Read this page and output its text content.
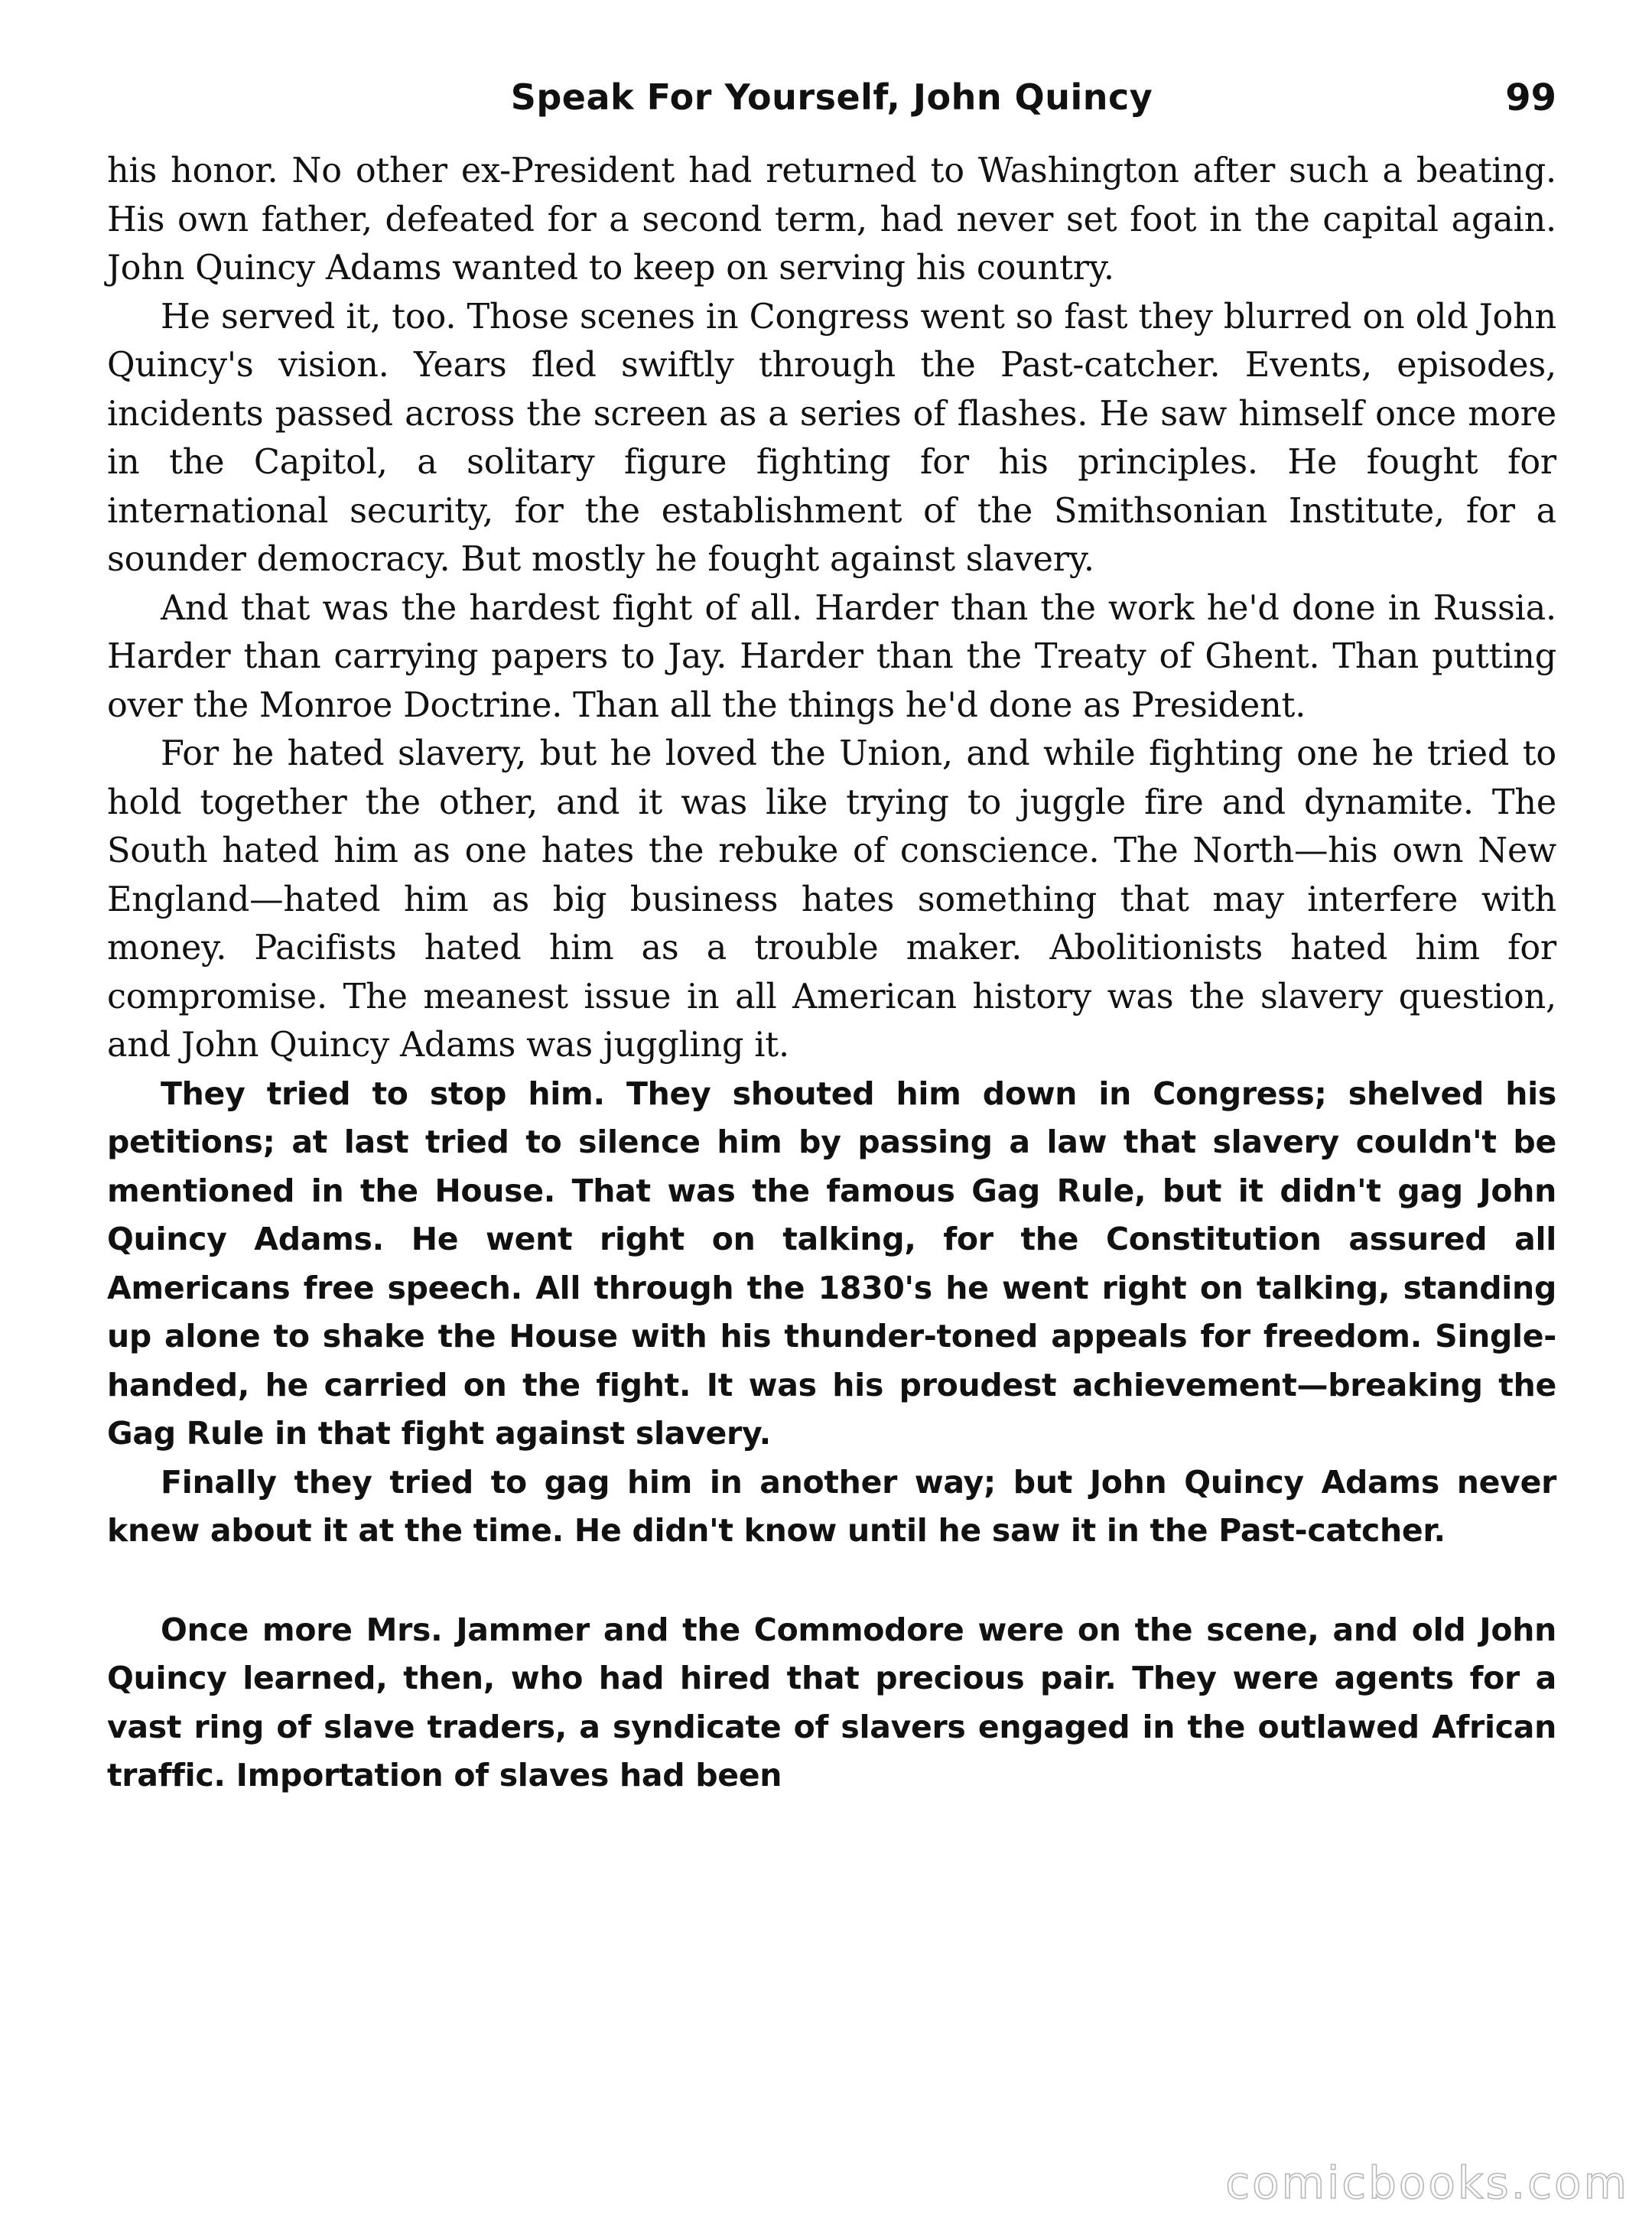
Speak For Yourself, John Quincy	99

his honor. No other ex-President had returned to Washington after such a beating. His own father, defeated for a second term, had never set foot in the capital again. John Quincy Adams wanted to keep on serving his country.

He served it, too. Those scenes in Congress went so fast they blurred on old John Quincy's vision. Years fled swiftly through the Past-catcher. Events, episodes, incidents passed across the screen as a series of flashes. He saw himself once more in the Capitol, a solitary figure fighting for his principles. He fought for international security, for the establishment of the Smithsonian Institute, for a sounder democracy. But mostly he fought against slavery.

And that was the hardest fight of all. Harder than the work he'd done in Russia. Harder than carrying papers to Jay. Harder than the Treaty of Ghent. Than putting over the Monroe Doctrine. Than all the things he'd done as President.

For he hated slavery, but he loved the Union, and while fighting one he tried to hold together the other, and it was like trying to juggle fire and dynamite. The South hated him as one hates the rebuke of conscience. The North—his own New England—hated him as big business hates something that may interfere with money. Pacifists hated him as a trouble maker. Abolitionists hated him for compromise. The meanest issue in all American history was the slavery question, and John Quincy Adams was juggling it.

They tried to stop him. They shouted him down in Congress; shelved his petitions; at last tried to silence him by passing a law that slavery couldn't be mentioned in the House. That was the famous Gag Rule, but it didn't gag John Quincy Adams. He went right on talking, for the Constitution assured all Americans free speech. All through the 1830's he went right on talking, standing up alone to shake the House with his thunder-toned appeals for freedom. Single-handed, he carried on the fight. It was his proudest achievement—breaking the Gag Rule in that fight against slavery.

Finally they tried to gag him in another way; but John Quincy Adams never knew about it at the time. He didn't know until he saw it in the Past-catcher.

Once more Mrs. Jammer and the Commodore were on the scene, and old John Quincy learned, then, who had hired that precious pair. They were agents for a vast ring of slave traders, a syndicate of slavers engaged in the outlawed African traffic. Importation of slaves had been

comicbooks.com
